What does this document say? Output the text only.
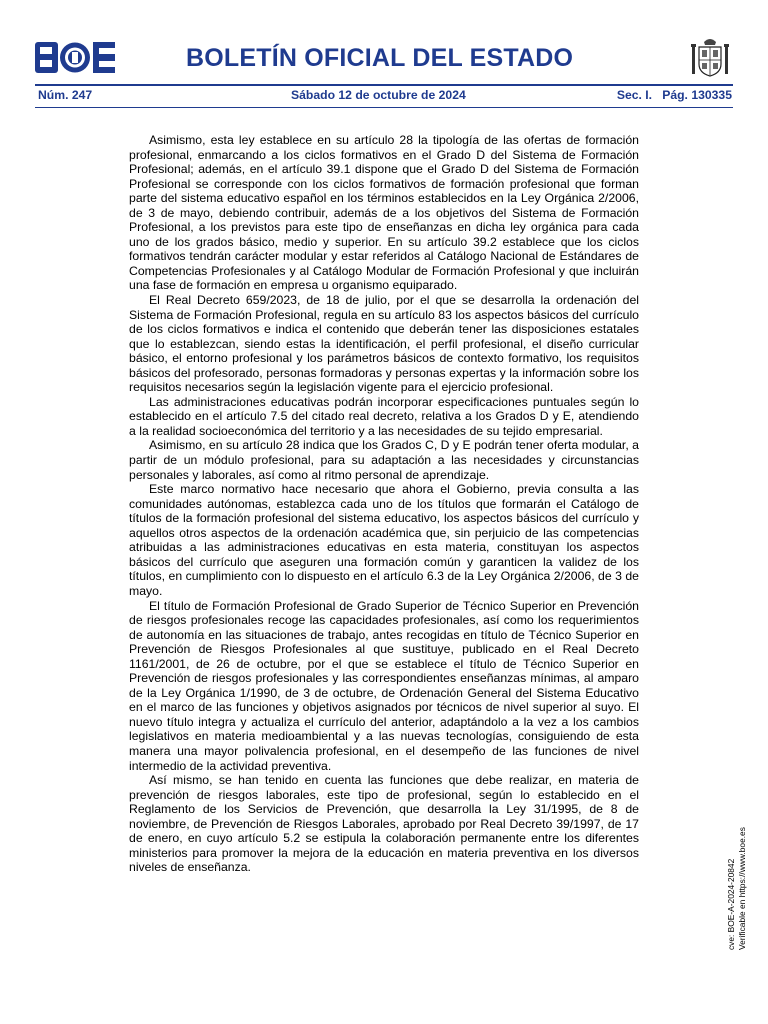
BOLETÍN OFICIAL DEL ESTADO
Núm. 247	Sábado 12 de octubre de 2024	Sec. I.   Pág. 130335

Asimismo, esta ley establece en su artículo 28 la tipología de las ofertas de formación profesional, enmarcando a los ciclos formativos en el Grado D del Sistema de Formación Profesional; además, en el artículo 39.1 dispone que el Grado D del Sistema de Formación Profesional se corresponde con los ciclos formativos de formación profesional que forman parte del sistema educativo español en los términos establecidos en la Ley Orgánica 2/2006, de 3 de mayo, debiendo contribuir, además de a los objetivos del Sistema de Formación Profesional, a los previstos para este tipo de enseñanzas en dicha ley orgánica para cada uno de los grados básico, medio y superior. En su artículo 39.2 establece que los ciclos formativos tendrán carácter modular y estar referidos al Catálogo Nacional de Estándares de Competencias Profesionales y al Catálogo Modular de Formación Profesional y que incluirán una fase de formación en empresa u organismo equiparado.

El Real Decreto 659/2023, de 18 de julio, por el que se desarrolla la ordenación del Sistema de Formación Profesional, regula en su artículo 83 los aspectos básicos del currículo de los ciclos formativos e indica el contenido que deberán tener las disposiciones estatales que lo establezcan, siendo estas la identificación, el perfil profesional, el diseño curricular básico, el entorno profesional y los parámetros básicos de contexto formativo, los requisitos básicos del profesorado, personas formadoras y personas expertas y la información sobre los requisitos necesarios según la legislación vigente para el ejercicio profesional.

Las administraciones educativas podrán incorporar especificaciones puntuales según lo establecido en el artículo 7.5 del citado real decreto, relativa a los Grados D y E, atendiendo a la realidad socioeconómica del territorio y a las necesidades de su tejido empresarial.

Asimismo, en su artículo 28 indica que los Grados C, D y E podrán tener oferta modular, a partir de un módulo profesional, para su adaptación a las necesidades y circunstancias personales y laborales, así como al ritmo personal de aprendizaje.

Este marco normativo hace necesario que ahora el Gobierno, previa consulta a las comunidades autónomas, establezca cada uno de los títulos que formarán el Catálogo de títulos de la formación profesional del sistema educativo, los aspectos básicos del currículo y aquellos otros aspectos de la ordenación académica que, sin perjuicio de las competencias atribuidas a las administraciones educativas en esta materia, constituyan los aspectos básicos del currículo que aseguren una formación común y garanticen la validez de los títulos, en cumplimiento con lo dispuesto en el artículo 6.3 de la Ley Orgánica 2/2006, de 3 de mayo.

El título de Formación Profesional de Grado Superior de Técnico Superior en Prevención de riesgos profesionales recoge las capacidades profesionales, así como los requerimientos de autonomía en las situaciones de trabajo, antes recogidas en título de Técnico Superior en Prevención de Riesgos Profesionales al que sustituye, publicado en el Real Decreto 1161/2001, de 26 de octubre, por el que se establece el título de Técnico Superior en Prevención de riesgos profesionales y las correspondientes enseñanzas mínimas, al amparo de la Ley Orgánica 1/1990, de 3 de octubre, de Ordenación General del Sistema Educativo en el marco de las funciones y objetivos asignados por técnicos de nivel superior al suyo. El nuevo título integra y actualiza el currículo del anterior, adaptándolo a la vez a los cambios legislativos en materia medioambiental y a las nuevas tecnologías, consiguiendo de esta manera una mayor polivalencia profesional, en el desempeño de las funciones de nivel intermedio de la actividad preventiva.

Así mismo, se han tenido en cuenta las funciones que debe realizar, en materia de prevención de riesgos laborales, este tipo de profesional, según lo establecido en el Reglamento de los Servicios de Prevención, que desarrolla la Ley 31/1995, de 8 de noviembre, de Prevención de Riesgos Laborales, aprobado por Real Decreto 39/1997, de 17 de enero, en cuyo artículo 5.2 se estipula la colaboración permanente entre los diferentes ministerios para promover la mejora de la educación en materia preventiva en los diversos niveles de enseñanza.	cve: BOE-A-2024-20842 Verificable en https://www.boe.es
